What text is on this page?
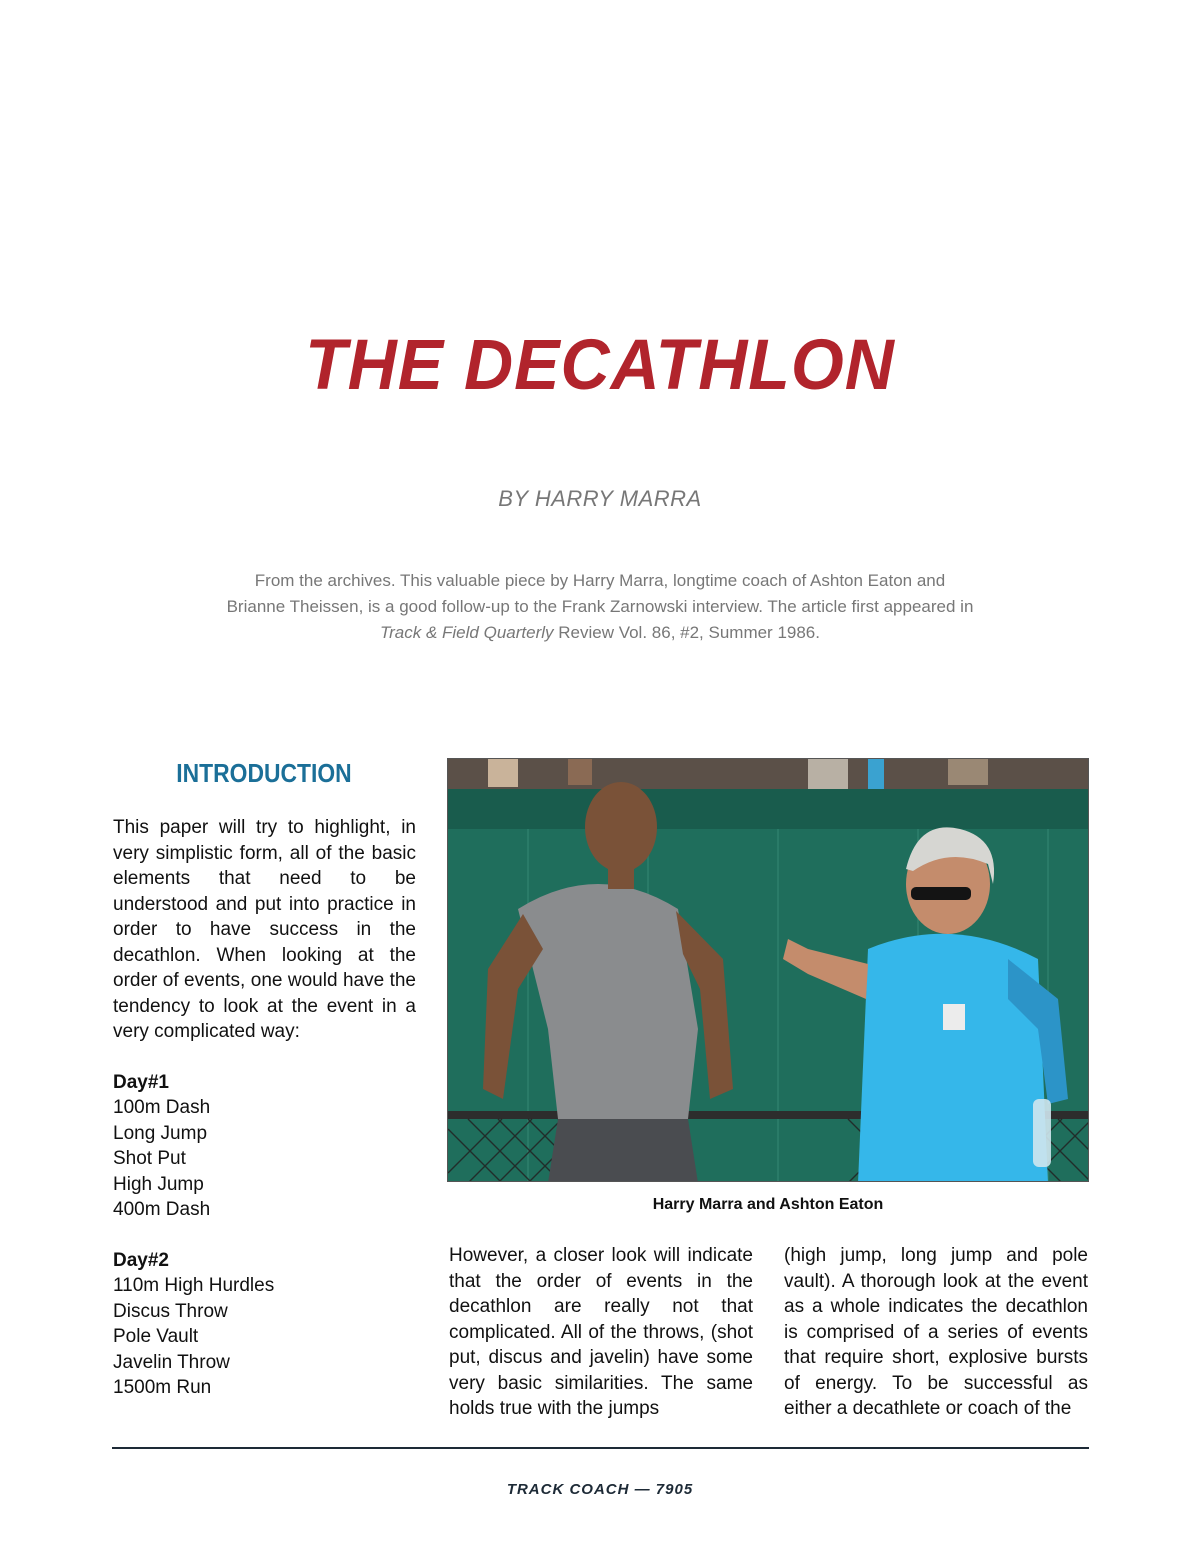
THE DECATHLON
BY HARRY MARRA
From the archives. This valuable piece by Harry Marra, longtime coach of Ashton Eaton and Brianne Theissen, is a good follow-up to the Frank Zarnowski interview. The article first appeared in Track & Field Quarterly Review Vol. 86, #2, Summer 1986.
INTRODUCTION

This paper will try to highlight, in very simplistic form, all of the basic elements that need to be understood and put into practice in order to have success in the decathlon. When looking at the order of events, one would have the tendency to look at the event in a very complicated way:

Day#1
100m Dash
Long Jump
Shot Put
High Jump
400m Dash
Day#2
110m High Hurdles
Discus Throw
Pole Vault
Javelin Throw
1500m Run
Harry Marra and Ashton Eaton
However, a closer look will indicate that the order of events in the decathlon are really not that complicated. All of the throws, (shot put, discus and javelin) have some very basic similarities. The same holds true with the jumps
(high jump, long jump and pole vault). A thorough look at the event as a whole indicates the decathlon is comprised of a series of events that require short, explosive bursts of energy. To be successful as either a decathlete or coach of the
TRACK COACH — 7905
